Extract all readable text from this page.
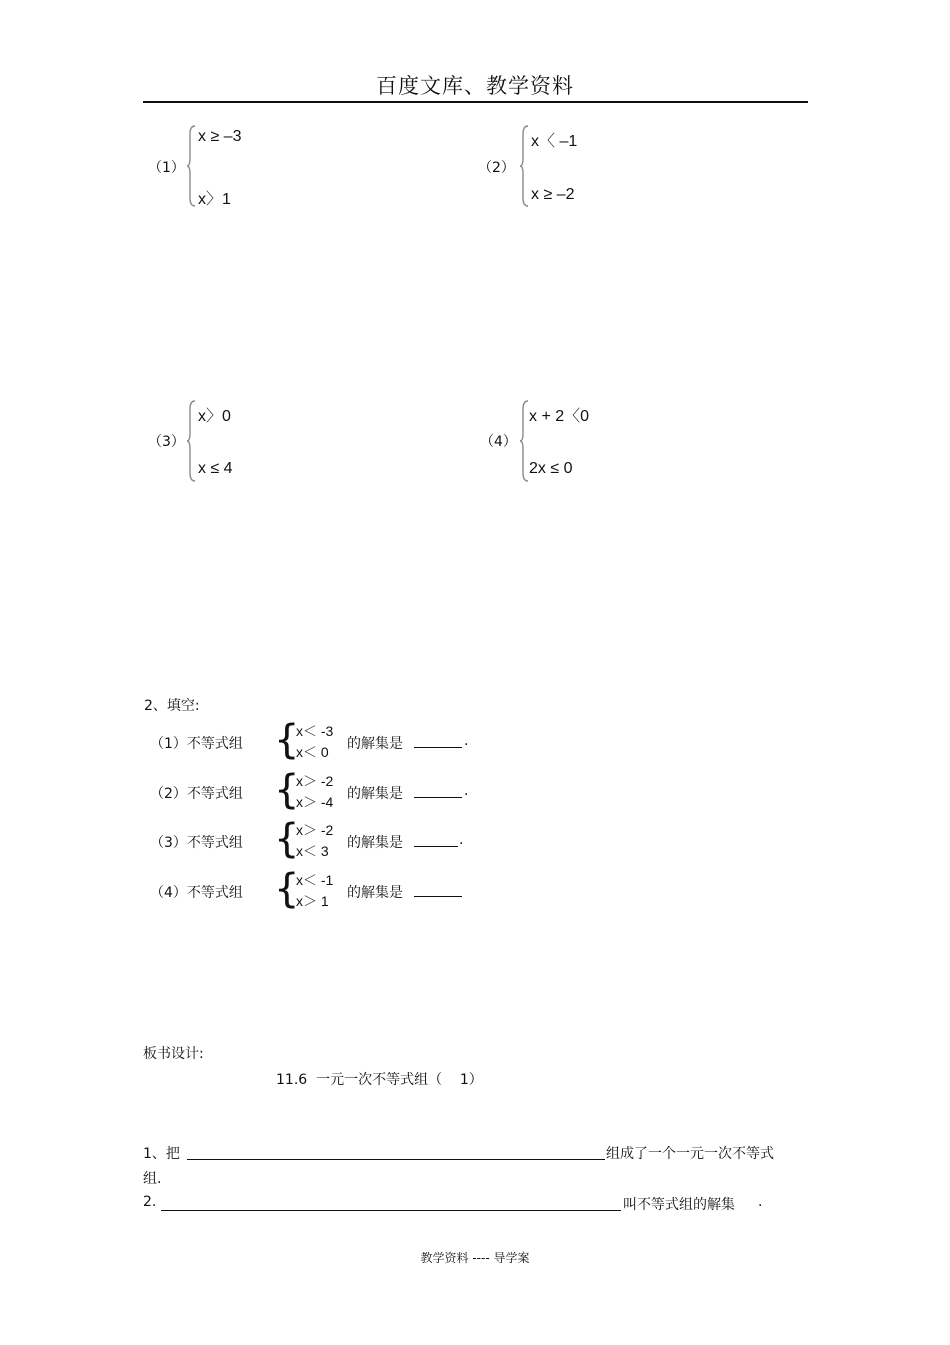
百度文库、教学资料
（1）
x ≥ –3
x〉1
（2）
x〈 –1
x ≥ –2
（3）
x〉0
x ≤ 4
（4）
x + 2〈0
2x ≤ 0
2、填空:
（1）不等式组 {
x＜ -3
x＜ 0 的解集是	.
（2）不等式组 {
x＞ -2
x＞ -4 的解集是	.
（3）不等式组 {
x＞ -2
x＜ 3 的解集是	.
（4）不等式组 {
x＜ -1
x＞ 1 的解集是
板书设计:
11.6  一元一次不等式组（    1）
1、把	组成了一个一元一次不等式
组.
2.	叫不等式组的解集 .
教学资料 ---- 导学案
